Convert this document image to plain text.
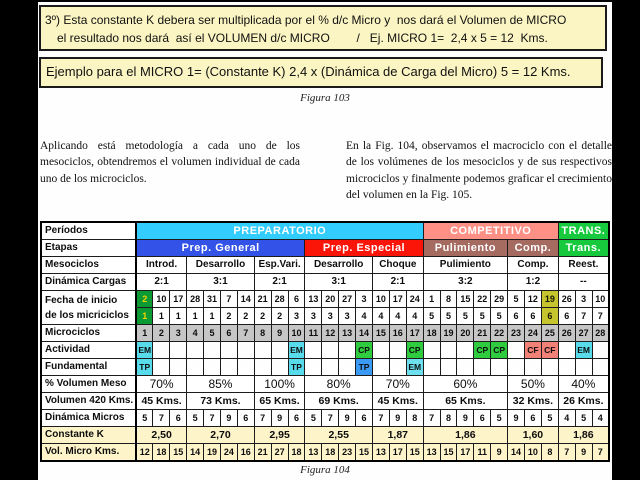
3º) Esta constante K debera ser multiplicada por el % d/c Micro y  nos dará el Volumen de MICRO
el resultado nos dará  así el VOLUMEN d/c MICRO        /   Ej. MICRO 1=  2,4 x 5 = 12  Kms.
Ejemplo para el MICRO 1= (Constante K) 2,4 x (Dinámica de Carga del Micro) 5 = 12 Kms.
Figura 103

Aplicando está metodología a cada uno de los mesociclos, obtendremos el volumen individual de cada uno de los microciclos.

En la Fig. 104, observamos el macrociclo con el detalle de los volúmenes de los mesociclos y de sus respectivos microciclos y finalmente podemos graficar el crecimiento del volumen en la Fig. 105.

Períodos	PREPARATORIO																	COMPETITIVO								TRANS.		
Etapas	Prep. General										Prep. Especial							Pulimiento					Comp.			Trans.		
Mesociclos	Introd.			Desarrollo				Esp.Vari.			Desarrollo				Choque			Pulimiento					Comp.			Reest.		
Dinámica Cargas	2:1			3:1				2:1			3:1				2:1			3:2					1:2			--		

Fecha de inicio
de los micriciclos	2	10	17	28	31	7	14	21	28	6	13	20	27	3	10	17	24	1	8	15	22	29	5	12	19	26	3	10
	1	1	1	1	1	2	2	2	2	3	3	3	3	4	4	4	4	5	5	5	5	5	6	6	6	6	7	7
Microciclos	1	2	3	4	5	6	7	8	9	10	11	12	13	14	15	16	17	18	19	20	21	22	23	24	25	26	27	28
Actividad	EM									EM				CP			CP				CP	CP		CF	CF		EM	
Fundamental	TP									TP				TP			EM											
% Volumen Meso	70%			85%				100%			80%				70%			60%					50%			40%		
Volumen 420 Kms.	45 Kms.			73 Kms.				65 Kms.			69 Kms.				45 Kms.			65 Kms.					32 Kms.			26 Kms.		
Dinámica Micros	5	7	6	5	7	9	6	7	9	6	5	7	9	6	7	9	8	7	8	9	6	5	9	6	5	4	5	4
Constante K	2,50			2,70				2,95			2,55				1,87			1,86					1,60			1,86		
Vol. Micro Kms.	12	18	15	14	19	24	16	21	27	18	13	18	23	15	13	17	15	13	15	17	11	9	14	10	8	7	9	7
Figura 104
